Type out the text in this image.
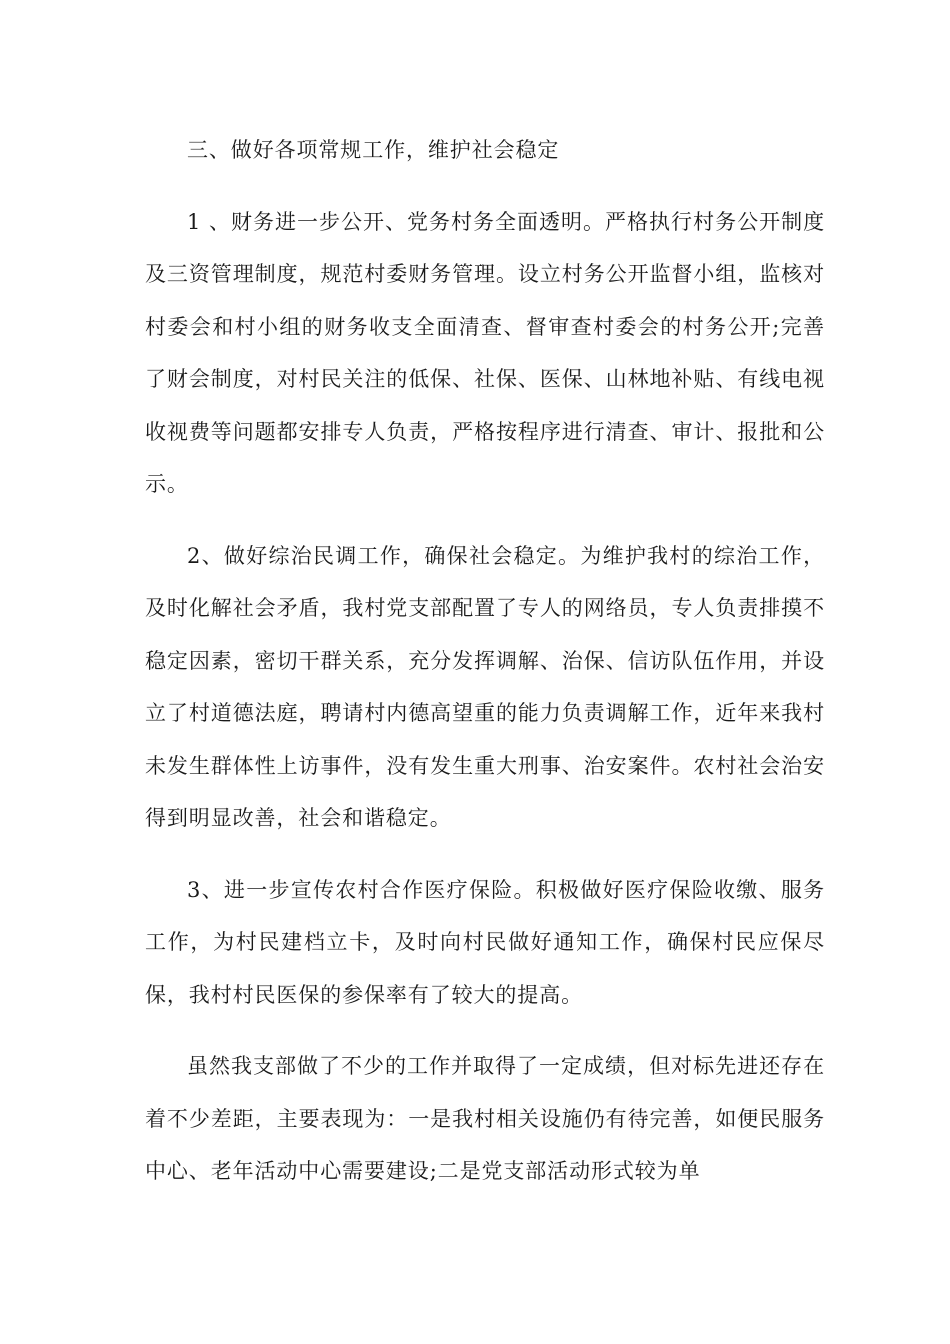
三、做好各项常规工作，维护社会稳定

1 、财务进一步公开、党务村务全面透明。严格执行村务公开制度及三资管理制度，规范村委财务管理。设立村务公开监督小组，监核对村委会和村小组的财务收支全面清查、督审查村委会的村务公开;完善了财会制度，对村民关注的低保、社保、医保、山林地补贴、有线电视收视费等问题都安排专人负责，严格按程序进行清查、审计、报批和公示。

2、做好综治民调工作，确保社会稳定。为维护我村的综治工作，及时化解社会矛盾，我村党支部配置了专人的网络员，专人负责排摸不稳定因素，密切干群关系，充分发挥调解、治保、信访队伍作用，并设立了村道德法庭，聘请村内德高望重的能力负责调解工作，近年来我村未发生群体性上访事件，没有发生重大刑事、治安案件。农村社会治安得到明显改善，社会和谐稳定。

3、进一步宣传农村合作医疗保险。积极做好医疗保险收缴、服务工作，为村民建档立卡，及时向村民做好通知工作，确保村民应保尽保，我村村民医保的参保率有了较大的提高。

虽然我支部做了不少的工作并取得了一定成绩，但对标先进还存在着不少差距，主要表现为：一是我村相关设施仍有待完善，如便民服务中心、老年活动中心需要建设;二是党支部活动形式较为单
